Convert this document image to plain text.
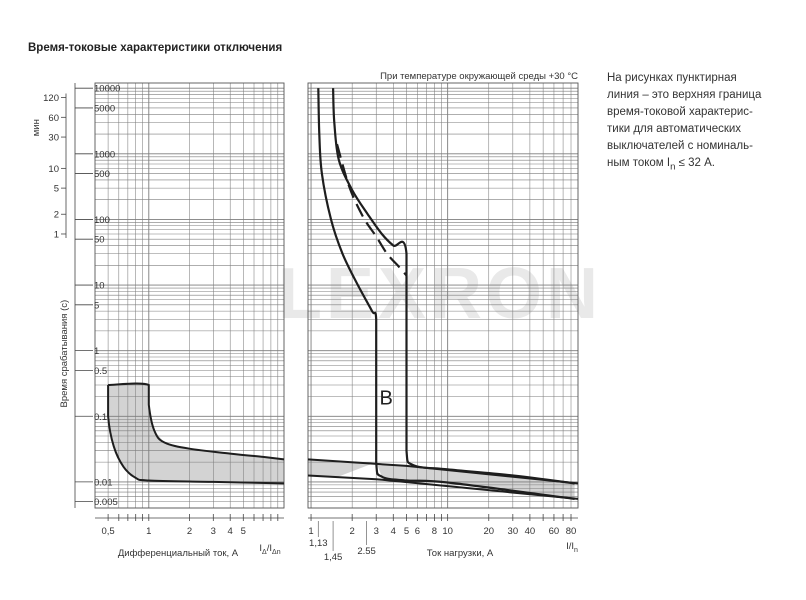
Время-токовые характеристики отключения
На рисунках пунктирная
линия – это верхняя граница
время-токовой характерис-
тики для автоматических
выключателей с номиналь-
ным током $I_n \le 32$ А.
LEXRON
10000
5000
1000
500
100
50
10
5
1
0.5
0.1
0.01
0.005
120
60
30
10
5
2
1
мин
Время срабатывания (с)
0,5	1	2 3 4 5
$I_\Delta/I_{\Delta n}$
Дифференциальный ток, А
При температуре окружающей среды +30 °С
B
1	2 3 4 5 6 8 10	20 30 40 60 80
1,13
1,45
2.55	$I/I_n$
Ток нагрузки, А
